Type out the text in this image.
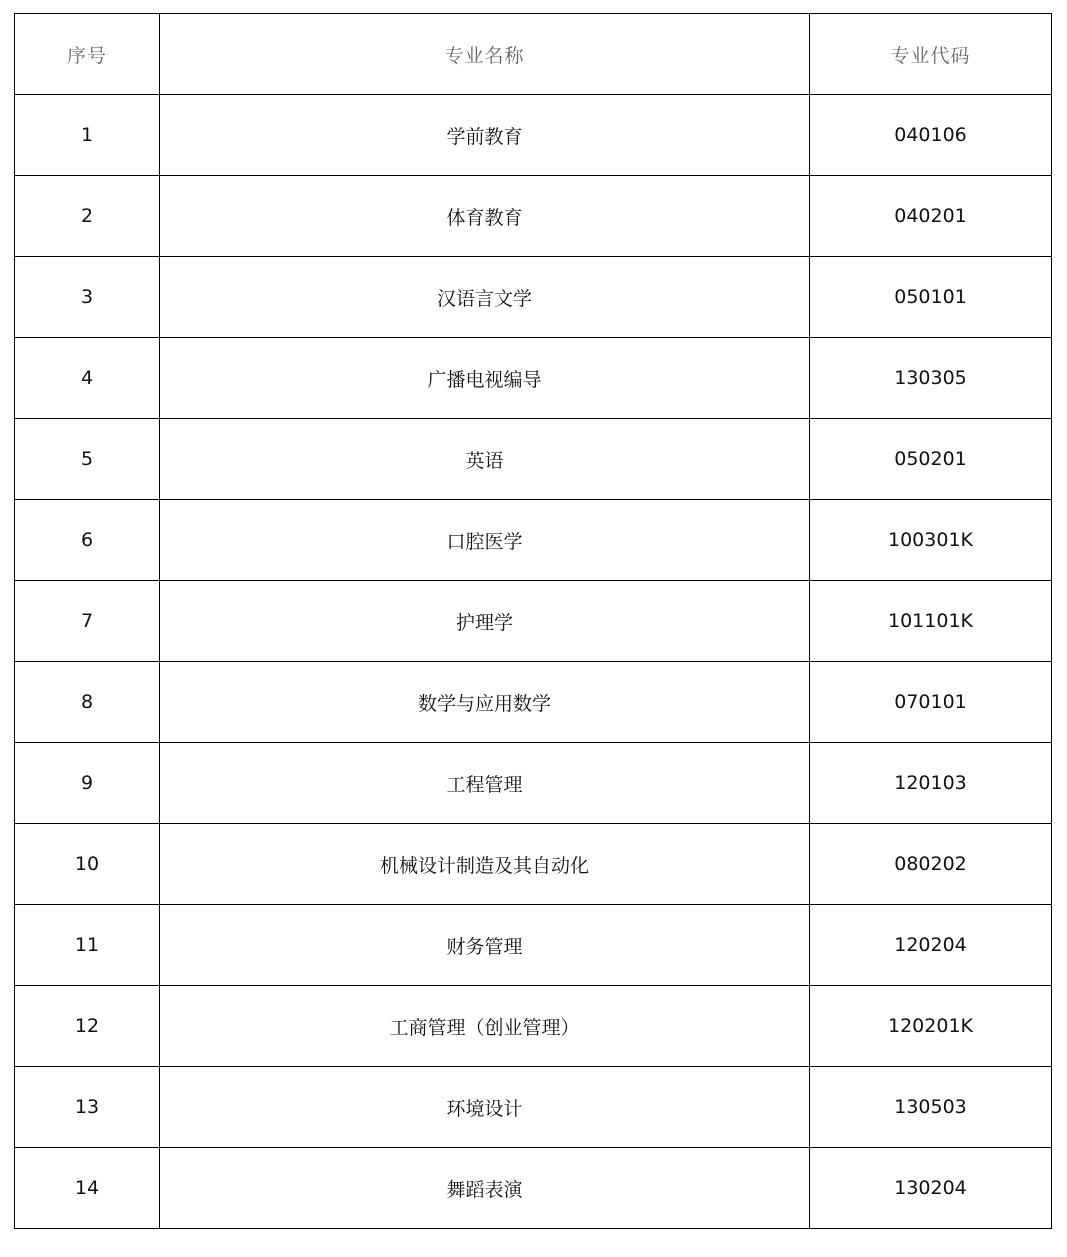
序号	专业名称	专业代码
1	学前教育	040106
2	体育教育	040201
3	汉语言文学	050101
4	广播电视编导	130305
5	英语	050201
6	口腔医学	100301K
7	护理学	101101K
8	数学与应用数学	070101
9	工程管理	120103
10	机械设计制造及其自动化	080202
11	财务管理	120204
12	工商管理（创业管理）	120201K
13	环境设计	130503
14	舞蹈表演	130204
